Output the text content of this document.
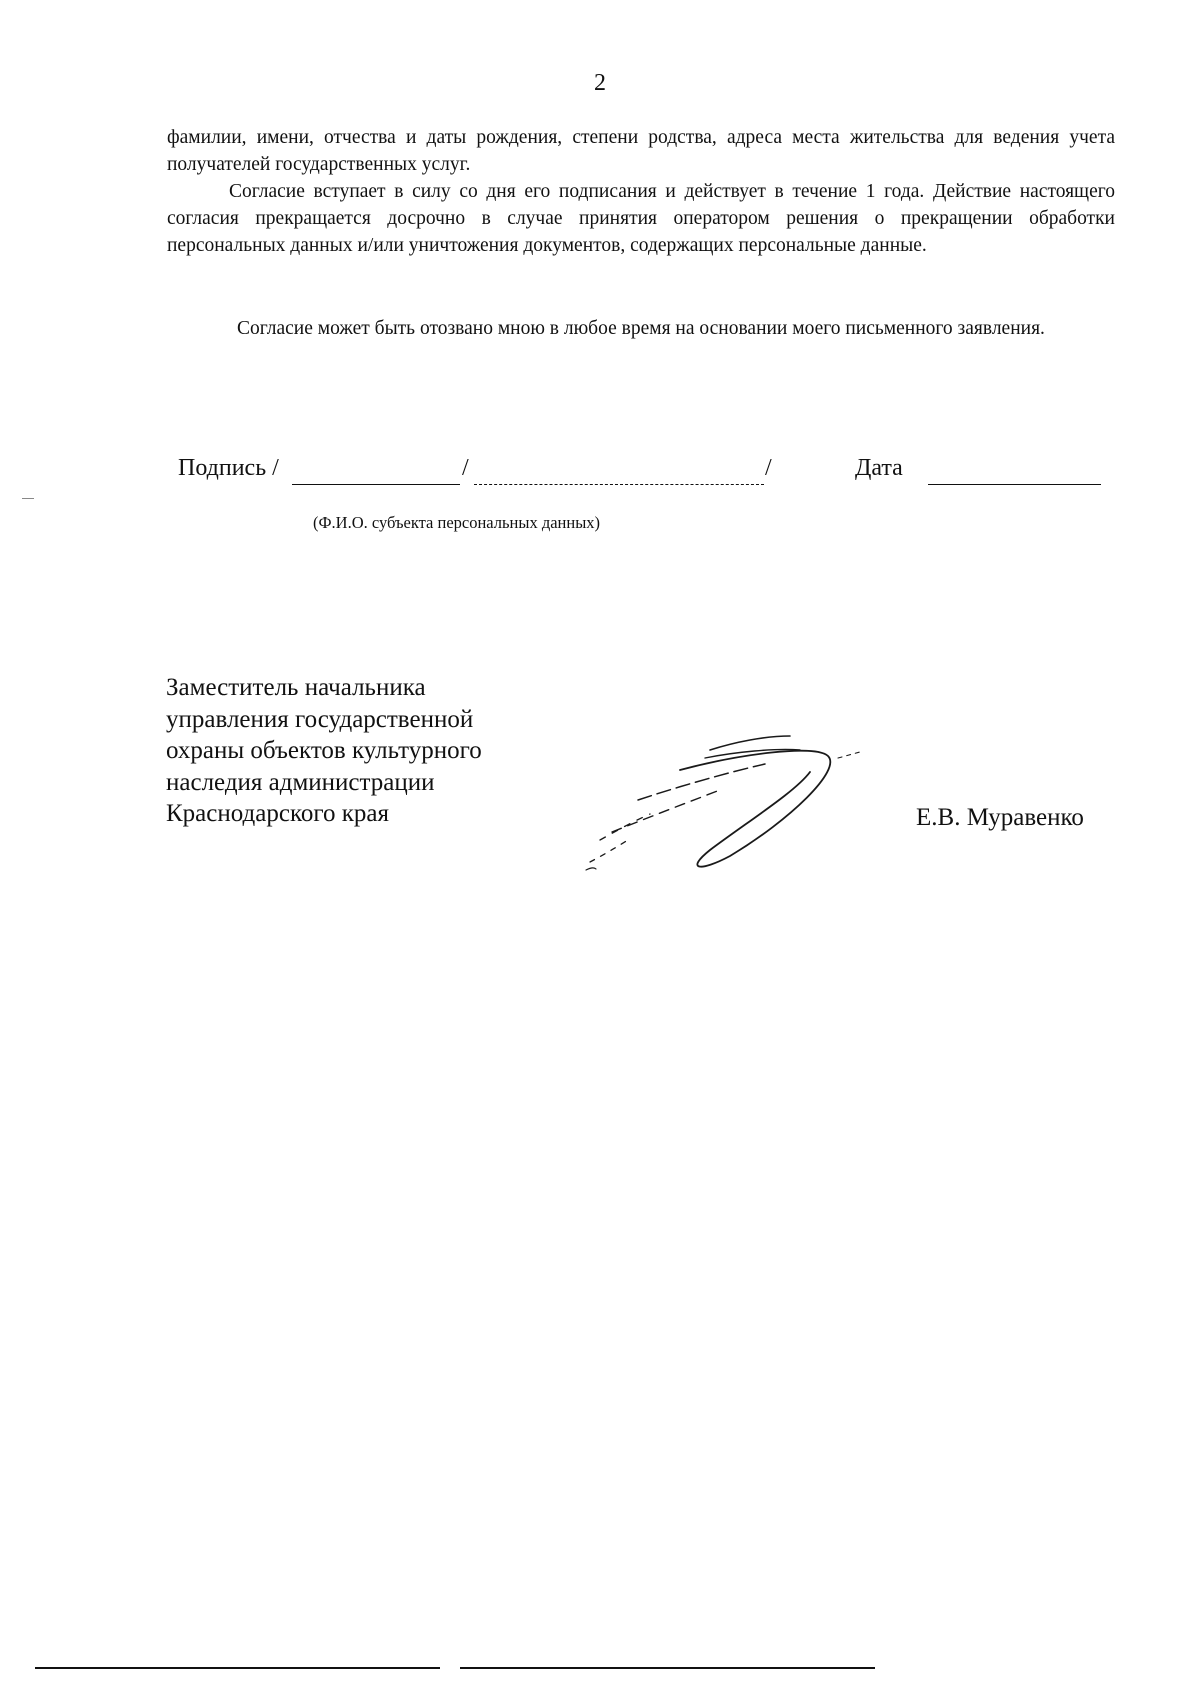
2

фамилии, имени, отчества и даты рождения, степени родства, адреса места жительства для ведения учета получателей государственных услуг.

Согласие вступает в силу со дня его подписания и действует в течение 1 года. Действие настоящего согласия прекращается досрочно в случае принятия оператором решения о прекращении обработки персональных данных и/или уничтожения документов, содержащих персональные данные.

Согласие может быть отозвано мною в любое время на основании моего письменного заявления.

Подпись /	/	/	Дата
(Ф.И.О. субъекта персональных данных)
Заместитель начальника
управления государственной
охраны объектов культурного
наследия администрации
Краснодарского края	Е.В. Муравенко
